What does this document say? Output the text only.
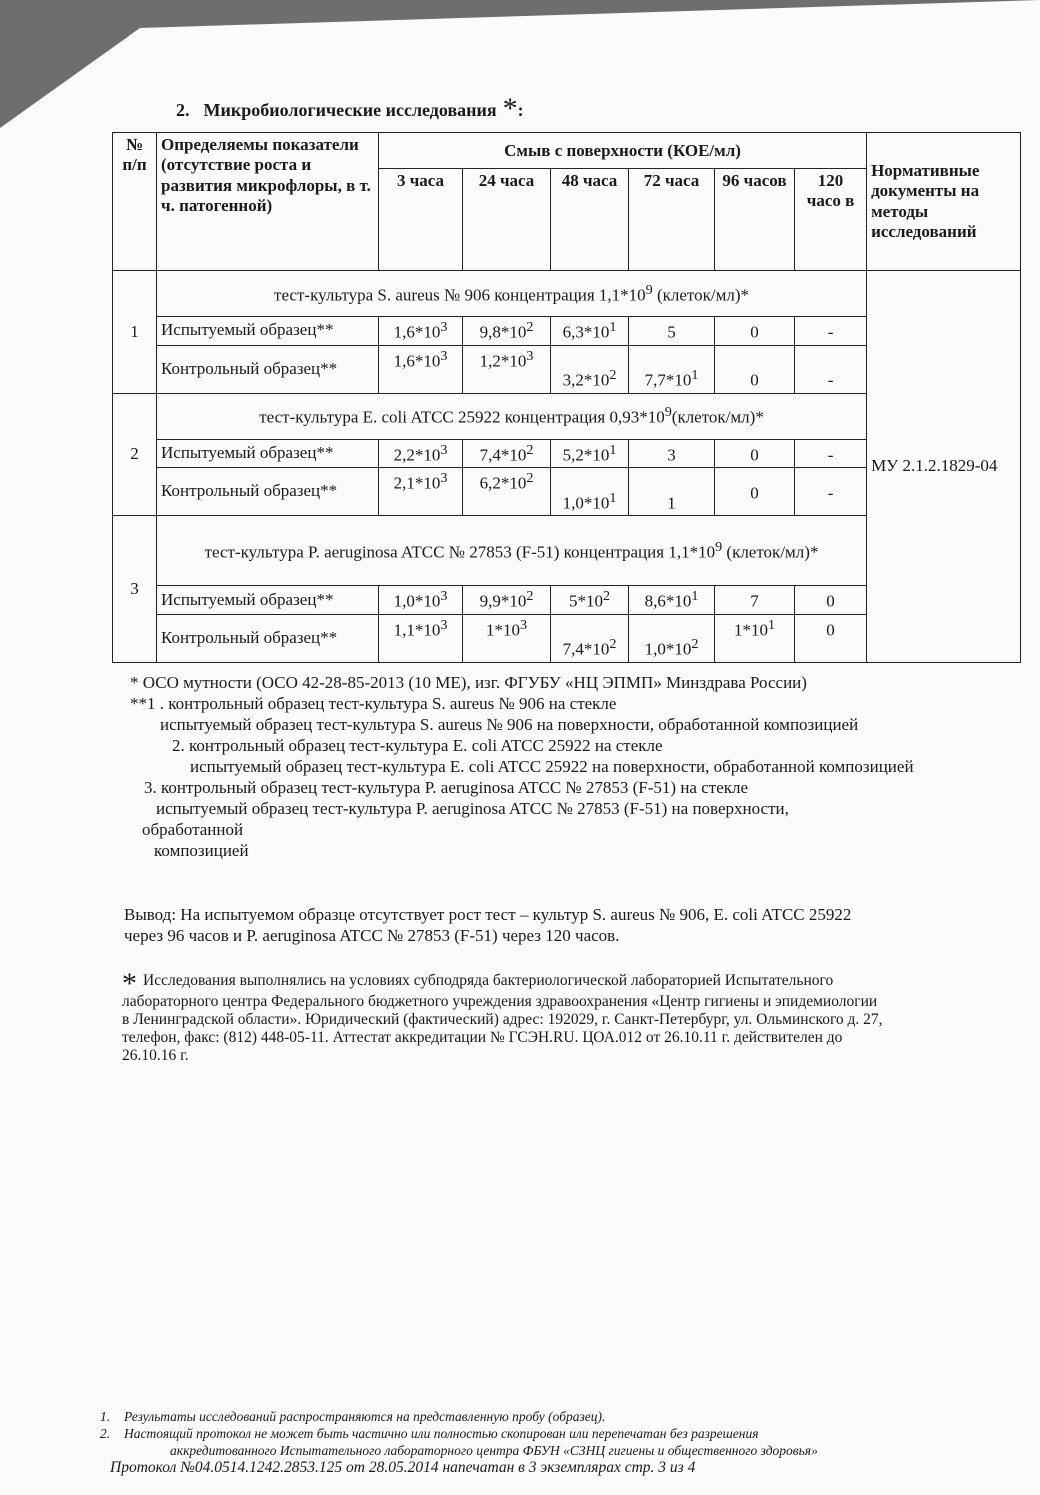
2. Микробиологические исследования *:
№ п/п	Определяемы показатели (отсутствие роста и развития микрофлоры, в т. ч. патогенной)	Смыв с поверхности (КОЕ/мл)						Нормативные документы на методы исследований
		3 часа	24 часа	48 часа	72 часа	96 часов	120 часо в	
1	тест-культура S. aureus № 906 концентрация $1,1*10^9$ (клеток/мл)*							МУ 2.1.2.1829-04
	Испытуемый образец**	$1,6*10^3$	$9,8*10^2$	$6,3*10^1$	5	0	-	
	Контрольный образец**	$1,6*10^3$	$1,2*10^3$	$3,2*10^2$	$7,7*10^1$	0	-	
2	тест-культура E. coli ATCC 25922 концентрация $0,93*10^9(клеток/мл)*$							
	Испытуемый образец**	$2,2*10^3$	$7,4*10^2$	$5,2*10^1$	3	0	-	
	Контрольный образец**	$2,1*10^3$	$6,2*10^2$	$1,0*10^1$	1	0	-	
3	тест-культура P. aeruginosa ATCC № 27853 (F-51) концентрация $1,1*10^9$ (клеток/мл)*							
	Испытуемый образец**	$1,0*10^3$	$9,9*10^2$	$5*10^2$	$8,6*10^1$	7	0	
	Контрольный образец**	$1,1*10^3$	$1*10^3$	$7,4*10^2$	$1,0*10^2$	$1*10^1$	0	
* ОСО мутности (ОСО 42-28-85-2013 (10 МЕ), изг. ФГУБУ «НЦ ЭПМП» Минздрава России)
**1 . контрольный образец тест-культура S. aureus № 906 на стекле
испытуемый образец тест-культура S. aureus № 906 на поверхности, обработанной композицией
2. контрольный образец тест-культура E. coli ATCC 25922 на стекле
испытуемый образец тест-культура E. coli ATCC 25922 на поверхности, обработанной композицией
3. контрольный образец тест-культура P. aeruginosa ATCC № 27853 (F-51) на стекле
испытуемый образец тест-культура P. aeruginosa ATCC № 27853 (F-51) на поверхности,
обработанной
композицией
Вывод: На испытуемом образце отсутствует рост тест – культур S. aureus № 906, E. coli ATCC 25922
через 96 часов и P. aeruginosa ATCC № 27853 (F-51) через 120 часов.
* Исследования выполнялись на условиях субподряда бактериологической лабораторией Испытательного
лабораторного центра Федерального бюджетного учреждения здравоохранения «Центр гигиены и эпидемиологии
в Ленинградской области». Юридический (фактический) адрес: 192029, г. Санкт-Петербург, ул. Ольминского д. 27,
телефон, факс: (812) 448-05-11. Аттестат аккредитации № ГСЭН.RU. ЦОА.012 от 26.10.11 г. действителен до
26.10.16 г.
1. Результаты исследований распространяются на представленную пробу (образец).
2. Настоящий протокол не может быть частично или полностью скопирован или перепечатан без разрешения
аккредитованного Испытательного лабораторного центра ФБУН «СЗНЦ гигиены и общественного здоровья»
Протокол №04.0514.1242.2853.125 от 28.05.2014 напечатан в 3 экземплярах стр. 3 из 4
